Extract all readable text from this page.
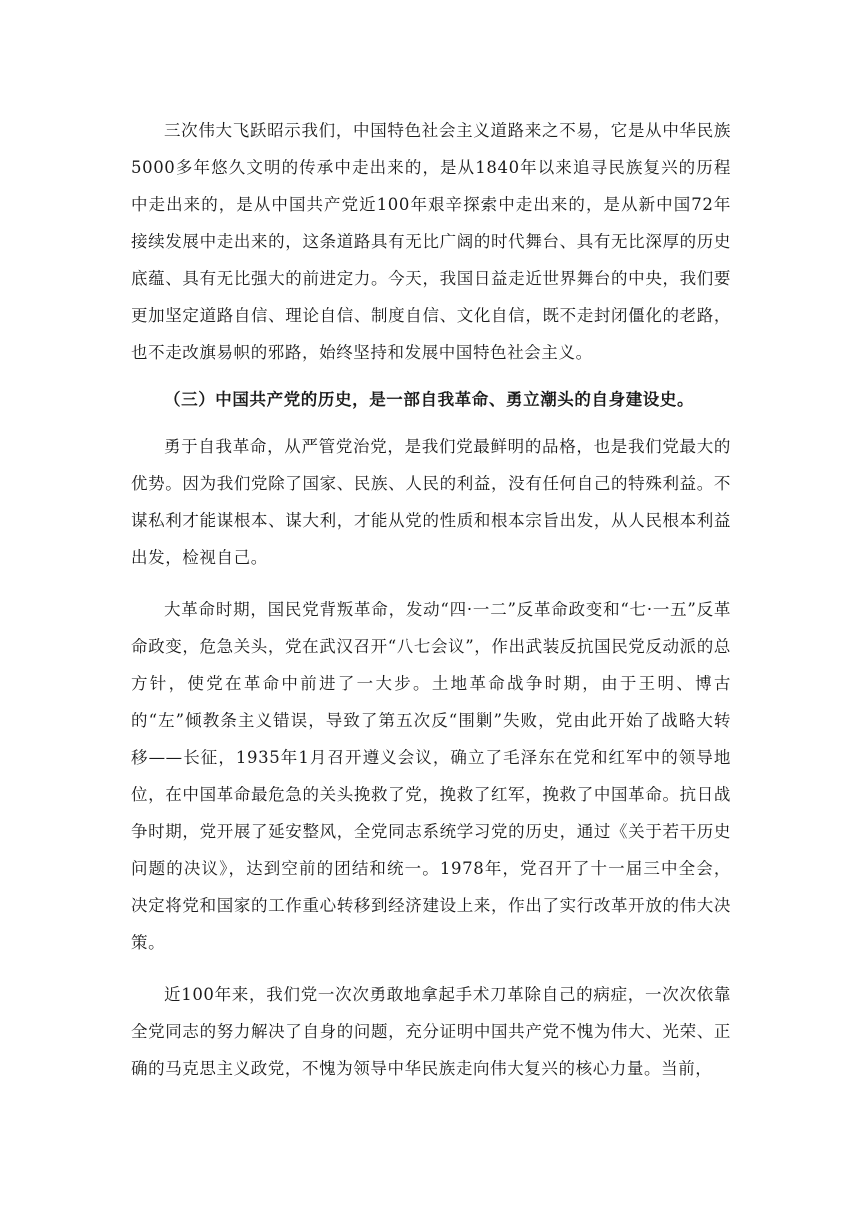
三次伟大飞跃昭示我们，中国特色社会主义道路来之不易，它是从中华民族5000多年悠久文明的传承中走出来的，是从1840年以来追寻民族复兴的历程中走出来的，是从中国共产党近100年艰辛探索中走出来的，是从新中国72年接续发展中走出来的，这条道路具有无比广阔的时代舞台、具有无比深厚的历史底蕴、具有无比强大的前进定力。今天，我国日益走近世界舞台的中央，我们要更加坚定道路自信、理论自信、制度自信、文化自信，既不走封闭僵化的老路，也不走改旗易帜的邪路，始终坚持和发展中国特色社会主义。

（三）中国共产党的历史，是一部自我革命、勇立潮头的自身建设史。

勇于自我革命，从严管党治党，是我们党最鲜明的品格，也是我们党最大的优势。因为我们党除了国家、民族、人民的利益，没有任何自己的特殊利益。不谋私利才能谋根本、谋大利，才能从党的性质和根本宗旨出发，从人民根本利益出发，检视自己。

大革命时期，国民党背叛革命，发动“四·一二”反革命政变和“七·一五”反革命政变，危急关头，党在武汉召开“八七会议”，作出武装反抗国民党反动派的总方针，使党在革命中前进了一大步。土地革命战争时期，由于王明、博古的“左”倾教条主义错误，导致了第五次反“围剿”失败，党由此开始了战略大转移——长征，1935年1月召开遵义会议，确立了毛泽东在党和红军中的领导地位，在中国革命最危急的关头挽救了党，挽救了红军，挽救了中国革命。抗日战争时期，党开展了延安整风，全党同志系统学习党的历史，通过《关于若干历史问题的决议》，达到空前的团结和统一。1978年，党召开了十一届三中全会，决定将党和国家的工作重心转移到经济建设上来，作出了实行改革开放的伟大决策。

近100年来，我们党一次次勇敢地拿起手术刀革除自己的病症，一次次依靠全党同志的努力解决了自身的问题，充分证明中国共产党不愧为伟大、光荣、正确的马克思主义政党，不愧为领导中华民族走向伟大复兴的核心力量。当前，
